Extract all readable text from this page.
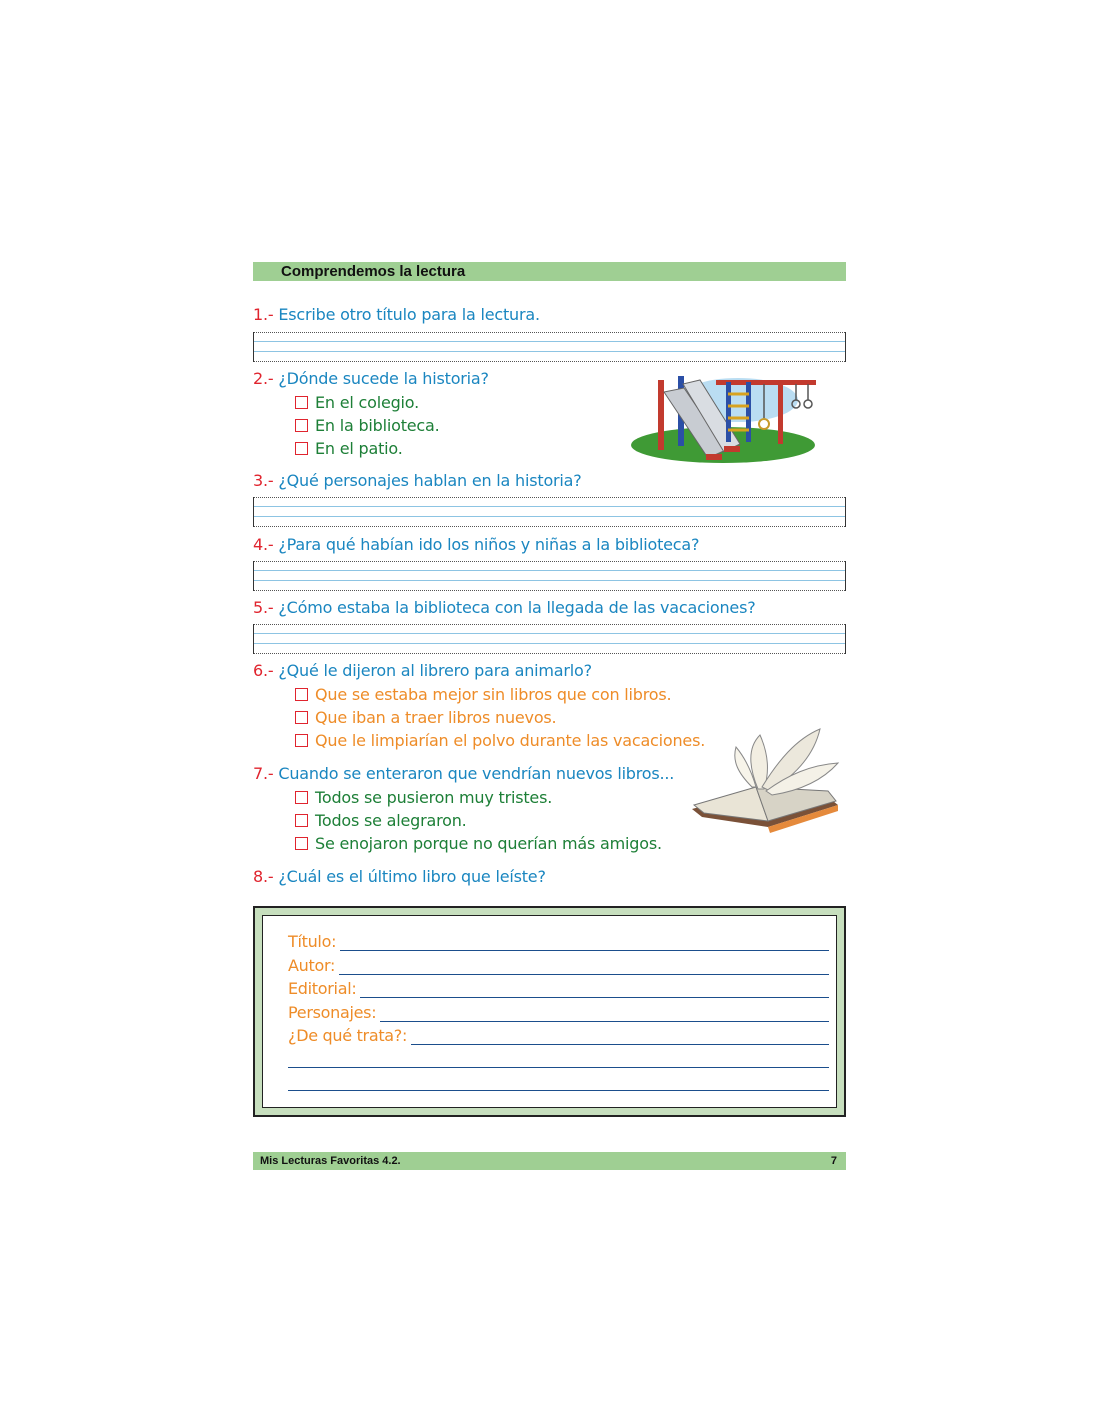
Comprendemos la lectura
1.- Escribe otro título para la lectura.
2.- ¿Dónde sucede la historia?
En el colegio.
En la biblioteca.
En el patio.
3.- ¿Qué personajes hablan en la historia?
4.- ¿Para qué habían ido los niños y niñas a la biblioteca?
5.- ¿Cómo estaba la biblioteca con la llegada de las vacaciones?
6.- ¿Qué le dijeron al librero para animarlo?
Que se estaba mejor sin libros que con libros.
Que iban a traer libros nuevos.
Que le limpiarían el polvo durante las vacaciones.
7.- Cuando se enteraron que vendrían nuevos libros...
Todos se pusieron muy tristes.
Todos se alegraron.
Se enojaron porque no querían más amigos.
8.- ¿Cuál es el último libro que leíste?
Título:
Autor:
Editorial:
Personajes:
¿De qué trata?:
Mis Lecturas Favoritas 4.2.	7
